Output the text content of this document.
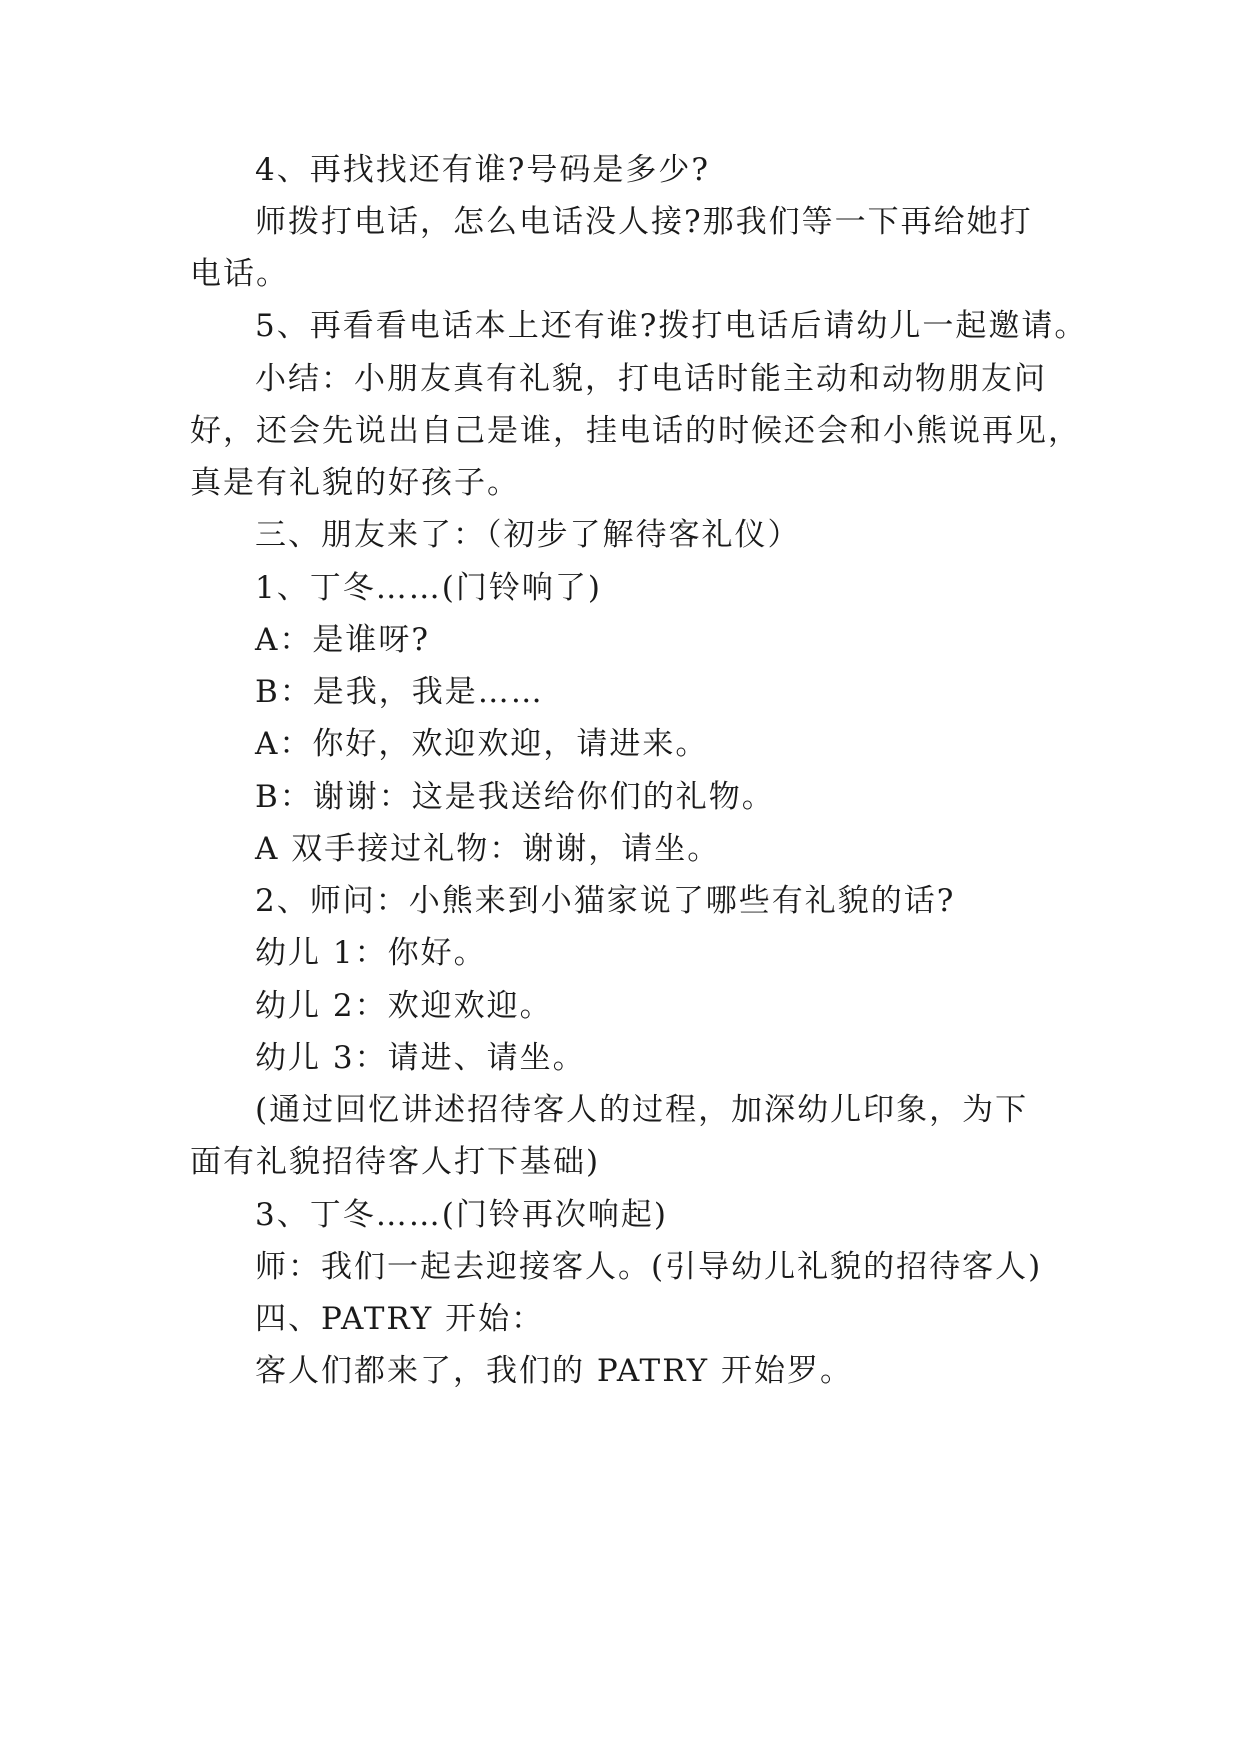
4、再找找还有谁?号码是多少?
师拨打电话，怎么电话没人接?那我们等一下再给她打
电话。
5、再看看电话本上还有谁?拨打电话后请幼儿一起邀请。
小结：小朋友真有礼貌，打电话时能主动和动物朋友问
好，还会先说出自己是谁，挂电话的时候还会和小熊说再见，
真是有礼貌的好孩子。
三、朋友来了：（初步了解待客礼仪）
1、丁冬……(门铃响了)
A：是谁呀?
B：是我，我是……
A：你好，欢迎欢迎，请进来。
B：谢谢：这是我送给你们的礼物。
A 双手接过礼物：谢谢，请坐。
2、师问：小熊来到小猫家说了哪些有礼貌的话?
幼儿 1：你好。
幼儿 2：欢迎欢迎。
幼儿 3：请进、请坐。
(通过回忆讲述招待客人的过程，加深幼儿印象，为下
面有礼貌招待客人打下基础)
3、丁冬……(门铃再次响起)
师：我们一起去迎接客人。(引导幼儿礼貌的招待客人)
四、PATRY 开始：
客人们都来了，我们的 PATRY 开始罗。
